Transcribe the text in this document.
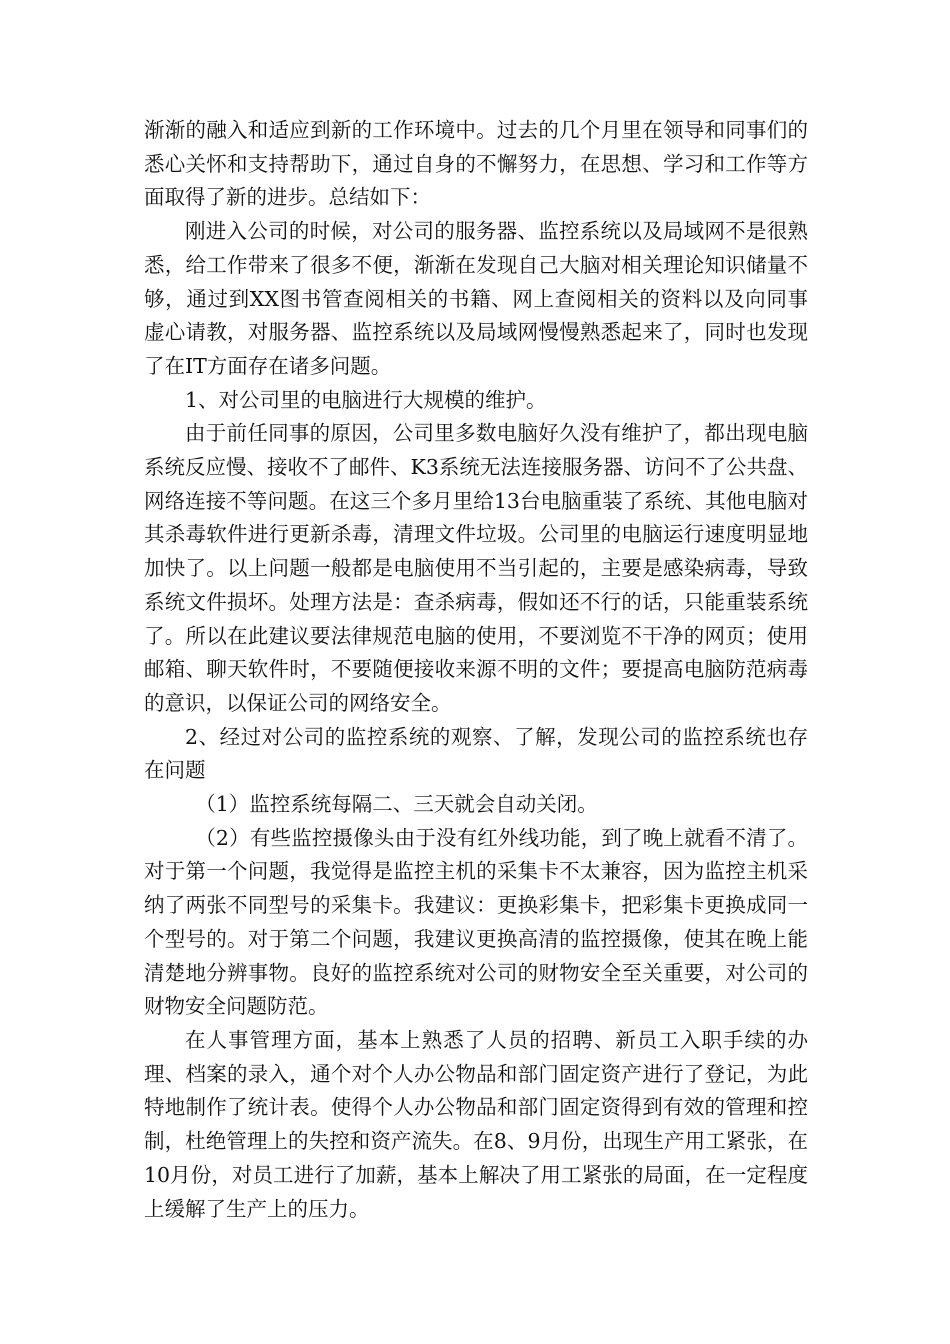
渐渐的融入和适应到新的工作环境中。过去的几个月里在领导和同事们的悉心关怀和支持帮助下，通过自身的不懈努力，在思想、学习和工作等方面取得了新的进步。总结如下：

刚进入公司的时候，对公司的服务器、监控系统以及局域网不是很熟悉，给工作带来了很多不便，渐渐在发现自己大脑对相关理论知识储量不够，通过到XX图书管查阅相关的书籍、网上查阅相关的资料以及向同事虚心请教，对服务器、监控系统以及局域网慢慢熟悉起来了，同时也发现了在IT方面存在诸多问题。

1、对公司里的电脑进行大规模的维护。

由于前任同事的原因，公司里多数电脑好久没有维护了，都出现电脑系统反应慢、接收不了邮件、K3系统无法连接服务器、访问不了公共盘、网络连接不等问题。在这三个多月里给13台电脑重装了系统、其他电脑对其杀毒软件进行更新杀毒，清理文件垃圾。公司里的电脑运行速度明显地加快了。以上问题一般都是电脑使用不当引起的，主要是感染病毒，导致系统文件损坏。处理方法是：查杀病毒，假如还不行的话，只能重装系统了。所以在此建议要法律规范电脑的使用，不要浏览不干净的网页；使用邮箱、聊天软件时，不要随便接收来源不明的文件；要提高电脑防范病毒的意识，以保证公司的网络安全。

2、经过对公司的监控系统的观察、了解，发现公司的监控系统也存在问题

（1）监控系统每隔二、三天就会自动关闭。

（2）有些监控摄像头由于没有红外线功能，到了晚上就看不清了。对于第一个问题，我觉得是监控主机的采集卡不太兼容，因为监控主机采纳了两张不同型号的采集卡。我建议：更换彩集卡，把彩集卡更换成同一个型号的。对于第二个问题，我建议更换高清的监控摄像，使其在晚上能清楚地分辨事物。良好的监控系统对公司的财物安全至关重要，对公司的财物安全问题防范。

在人事管理方面，基本上熟悉了人员的招聘、新员工入职手续的办理、档案的录入，通个对个人办公物品和部门固定资产进行了登记，为此特地制作了统计表。使得个人办公物品和部门固定资得到有效的管理和控制，杜绝管理上的失控和资产流失。在8、9月份，出现生产用工紧张，在10月份，对员工进行了加薪，基本上解决了用工紧张的局面，在一定程度上缓解了生产上的压力。
